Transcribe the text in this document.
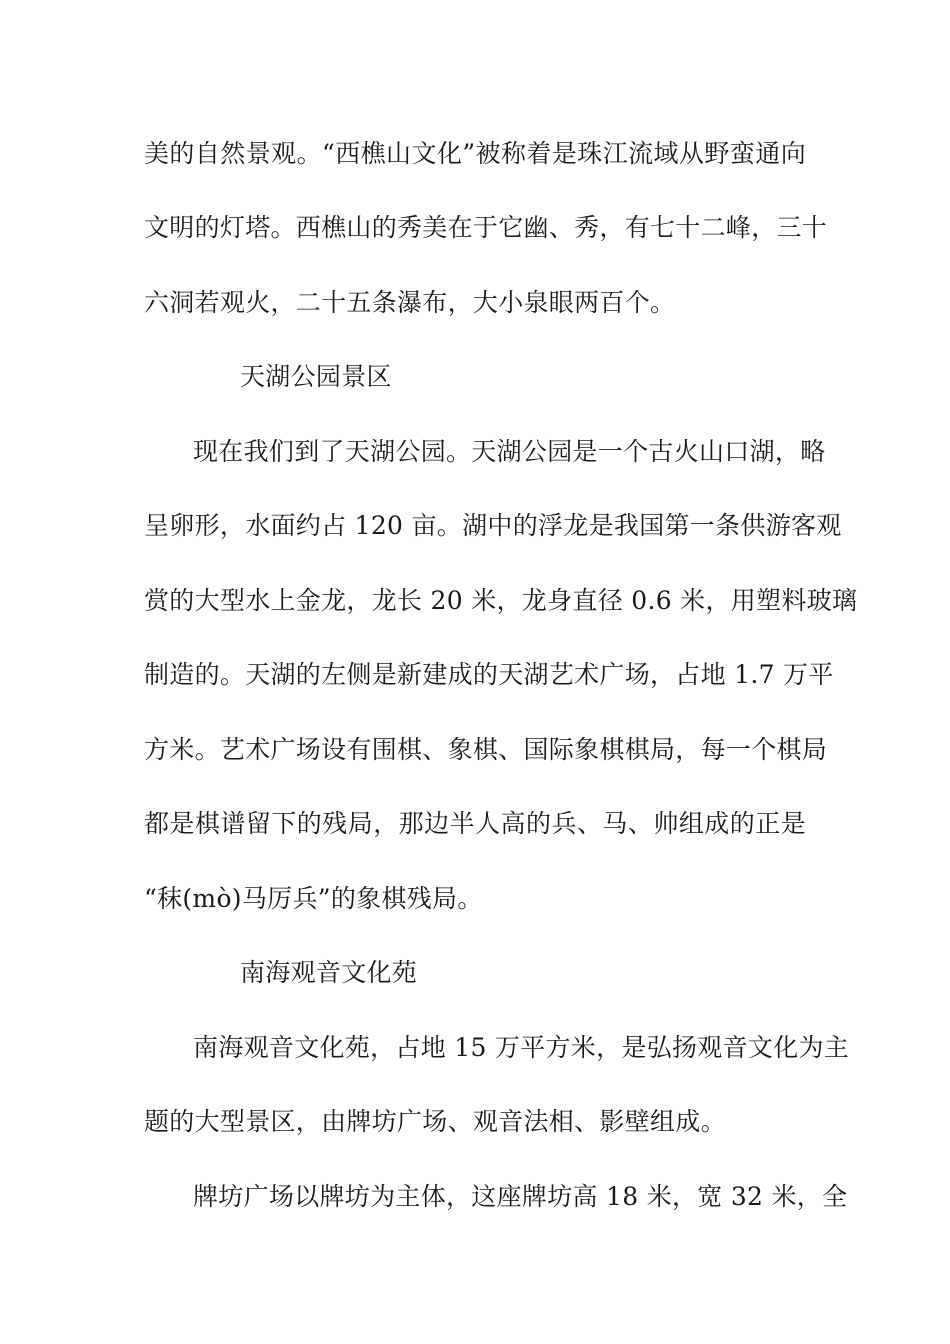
美的自然景观。“西樵山文化”被称着是珠江流域从野蛮通向
文明的灯塔。西樵山的秀美在于它幽、秀，有七十二峰，三十
六洞若观火，二十五条瀑布，大小泉眼两百个。
天湖公园景区
现在我们到了天湖公园。天湖公园是一个古火山口湖，略
呈卵形，水面约占 120 亩。湖中的浮龙是我国第一条供游客观
赏的大型水上金龙，龙长 20 米，龙身直径 0.6 米，用塑料玻璃
制造的。天湖的左侧是新建成的天湖艺术广场，占地 1.7 万平
方米。艺术广场设有围棋、象棋、国际象棋棋局，每一个棋局
都是棋谱留下的残局，那边半人高的兵、马、帅组成的正是
“秣(mò)马厉兵”的象棋残局。
南海观音文化苑
南海观音文化苑，占地 15 万平方米，是弘扬观音文化为主
题的大型景区，由牌坊广场、观音法相、影壁组成。
牌坊广场以牌坊为主体，这座牌坊高 18 米，宽 32 米，全
